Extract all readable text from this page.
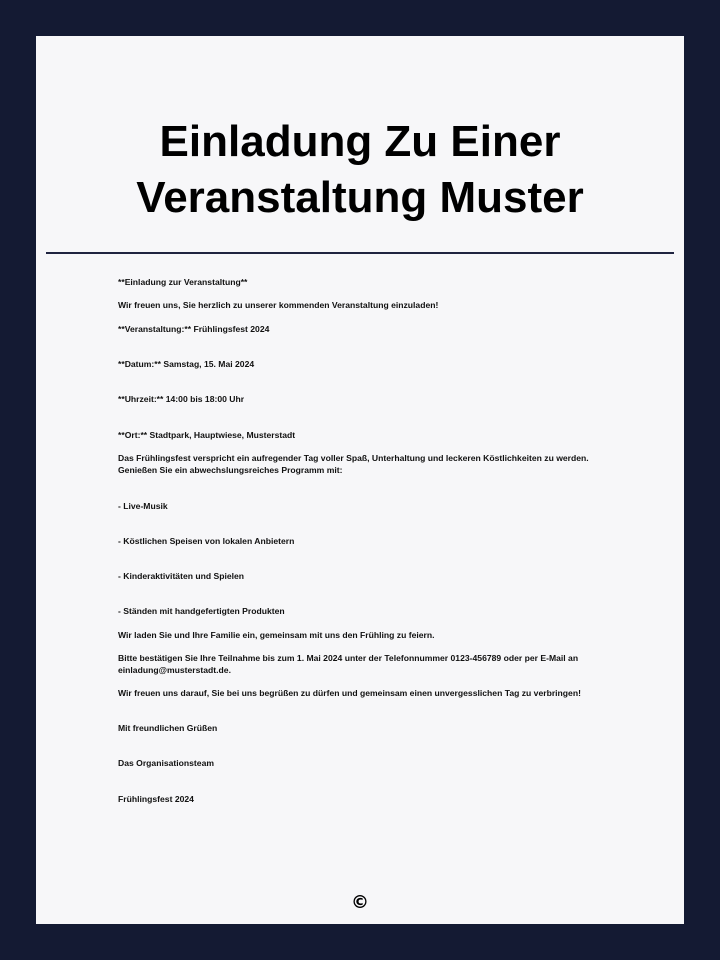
Einladung Zu Einer Veranstaltung Muster

**Einladung zur Veranstaltung**

Wir freuen uns, Sie herzlich zu unserer kommenden Veranstaltung einzuladen!

**Veranstaltung:** Frühlingsfest 2024

**Datum:** Samstag, 15. Mai 2024

**Uhrzeit:** 14:00 bis 18:00 Uhr

**Ort:** Stadtpark, Hauptwiese, Musterstadt

Das Frühlingsfest verspricht ein aufregender Tag voller Spaß, Unterhaltung und leckeren Köstlichkeiten zu werden. Genießen Sie ein abwechslungsreiches Programm mit:

- Live-Musik

- Köstlichen Speisen von lokalen Anbietern

- Kinderaktivitäten und Spielen

- Ständen mit handgefertigten Produkten

Wir laden Sie und Ihre Familie ein, gemeinsam mit uns den Frühling zu feiern.

Bitte bestätigen Sie Ihre Teilnahme bis zum 1. Mai 2024 unter der Telefonnummer 0123-456789 oder per E-Mail an einladung@musterstadt.de.

Wir freuen uns darauf, Sie bei uns begrüßen zu dürfen und gemeinsam einen unvergesslichen Tag zu verbringen!

Mit freundlichen Grüßen

Das Organisationsteam

Frühlingsfest 2024

©
